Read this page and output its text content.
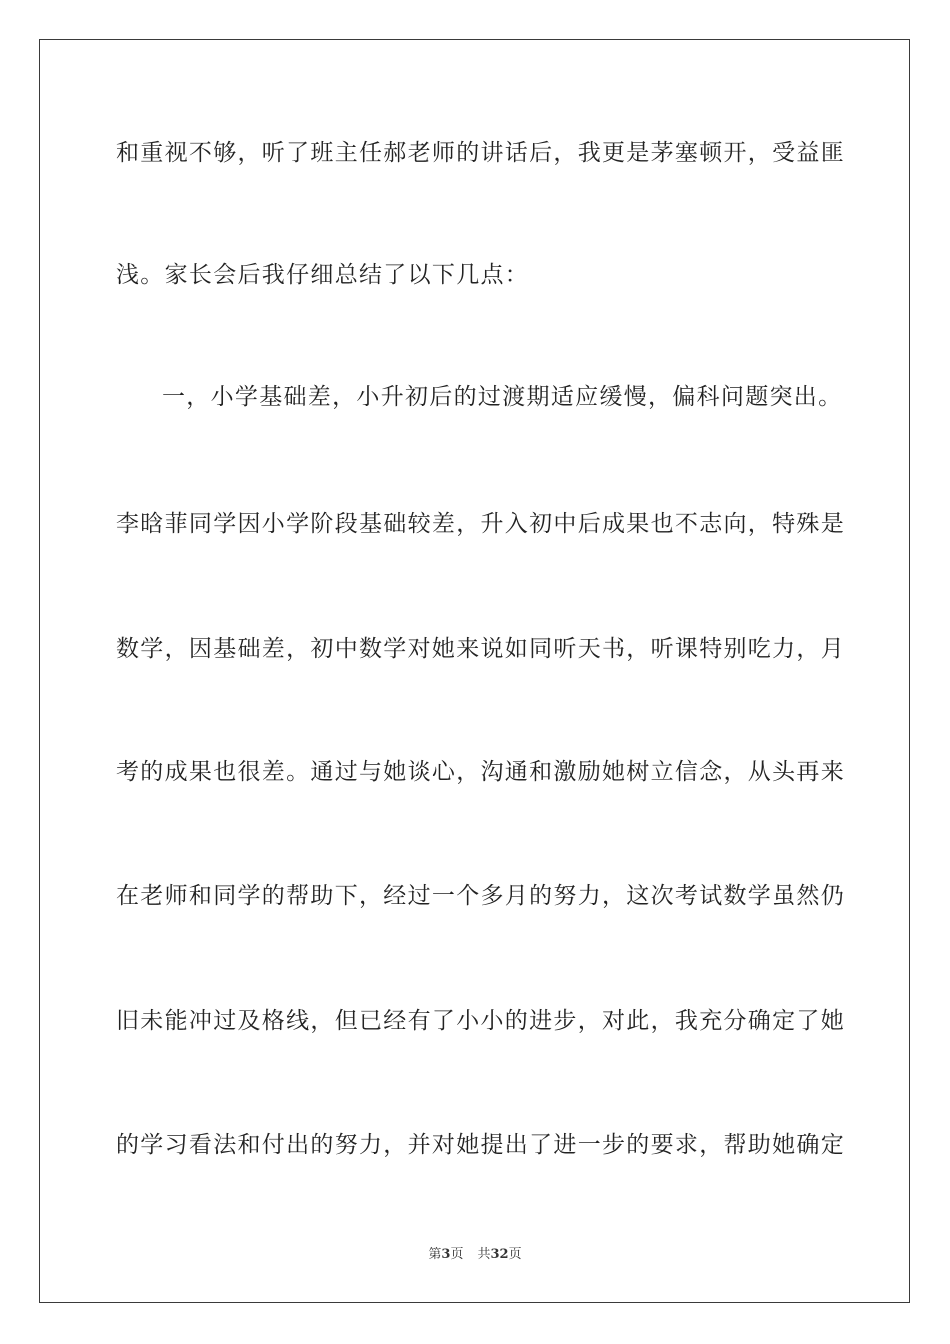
和重视不够，听了班主任郝老师的讲话后，我更是茅塞顿开，受益匪
浅。家长会后我仔细总结了以下几点：
一，小学基础差，小升初后的过渡期适应缓慢，偏科问题突出。
李晗菲同学因小学阶段基础较差，升入初中后成果也不志向，特殊是
数学，因基础差，初中数学对她来说如同听天书，听课特别吃力，月
考的成果也很差。通过与她谈心，沟通和激励她树立信念，从头再来
在老师和同学的帮助下，经过一个多月的努力，这次考试数学虽然仍
旧未能冲过及格线，但已经有了小小的进步，对此，我充分确定了她
的学习看法和付出的努力，并对她提出了进一步的要求，帮助她确定
第3页 共32页
